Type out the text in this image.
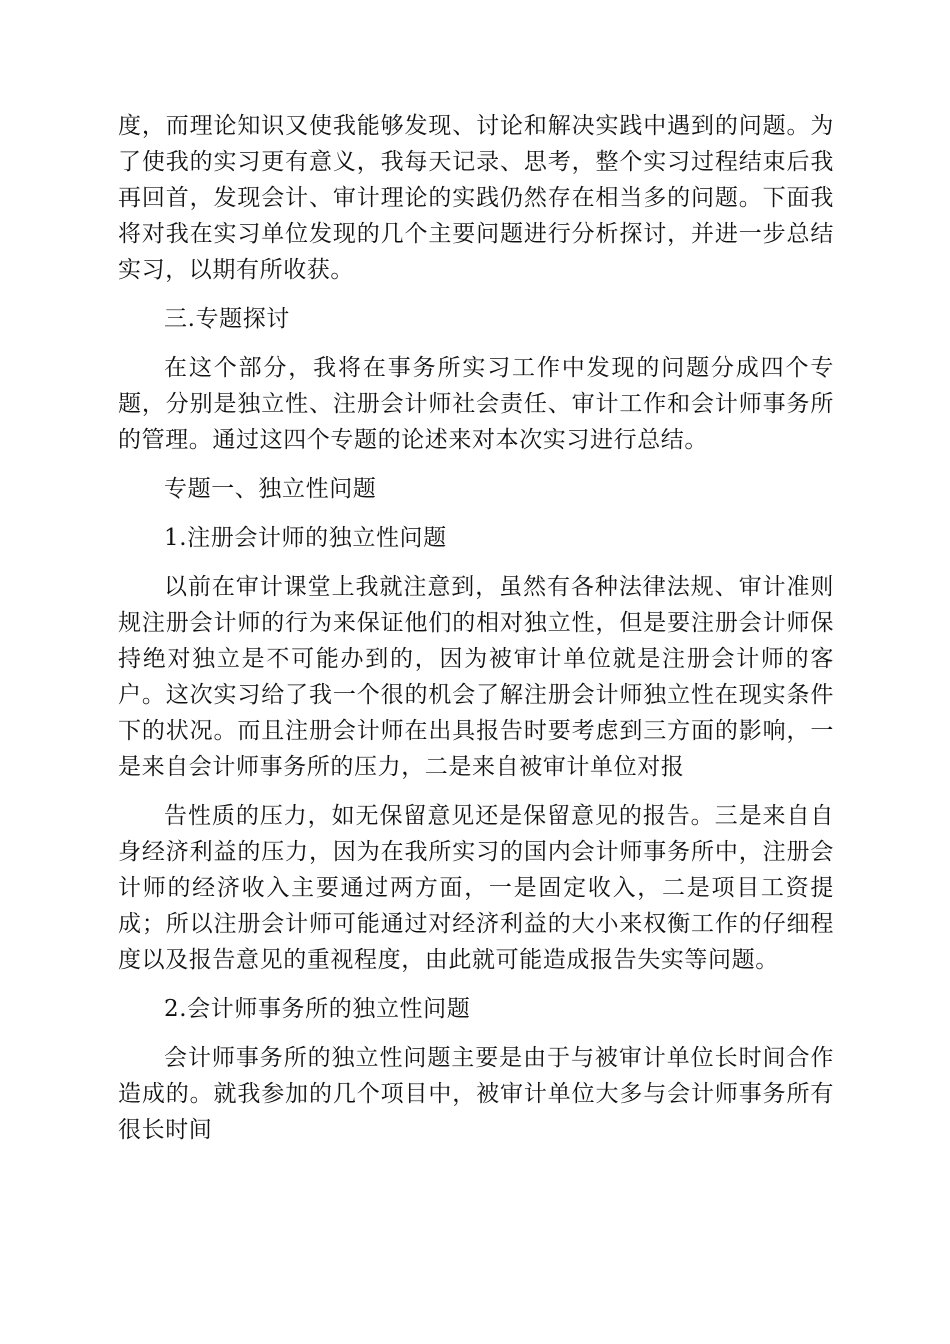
度，而理论知识又使我能够发现、讨论和解决实践中遇到的问题。为了使我的实习更有意义，我每天记录、思考，整个实习过程结束后我再回首，发现会计、审计理论的实践仍然存在相当多的问题。下面我将对我在实习单位发现的几个主要问题进行分析探讨，并进一步总结实习，以期有所收获。

三.专题探讨

在这个部分，我将在事务所实习工作中发现的问题分成四个专题，分别是独立性、注册会计师社会责任、审计工作和会计师事务所的管理。通过这四个专题的论述来对本次实习进行总结。

专题一、独立性问题

1.注册会计师的独立性问题

以前在审计课堂上我就注意到，虽然有各种法律法规、审计准则规注册会计师的行为来保证他们的相对独立性，但是要注册会计师保持绝对独立是不可能办到的，因为被审计单位就是注册会计师的客户。这次实习给了我一个很的机会了解注册会计师独立性在现实条件下的状况。而且注册会计师在出具报告时要考虑到三方面的影响，一是来自会计师事务所的压力，二是来自被审计单位对报

告性质的压力，如无保留意见还是保留意见的报告。三是来自自身经济利益的压力，因为在我所实习的国内会计师事务所中，注册会计师的经济收入主要通过两方面，一是固定收入，二是项目工资提成；所以注册会计师可能通过对经济利益的大小来权衡工作的仔细程度以及报告意见的重视程度，由此就可能造成报告失实等问题。

2.会计师事务所的独立性问题

会计师事务所的独立性问题主要是由于与被审计单位长时间合作造成的。就我参加的几个项目中，被审计单位大多与会计师事务所有很长时间
